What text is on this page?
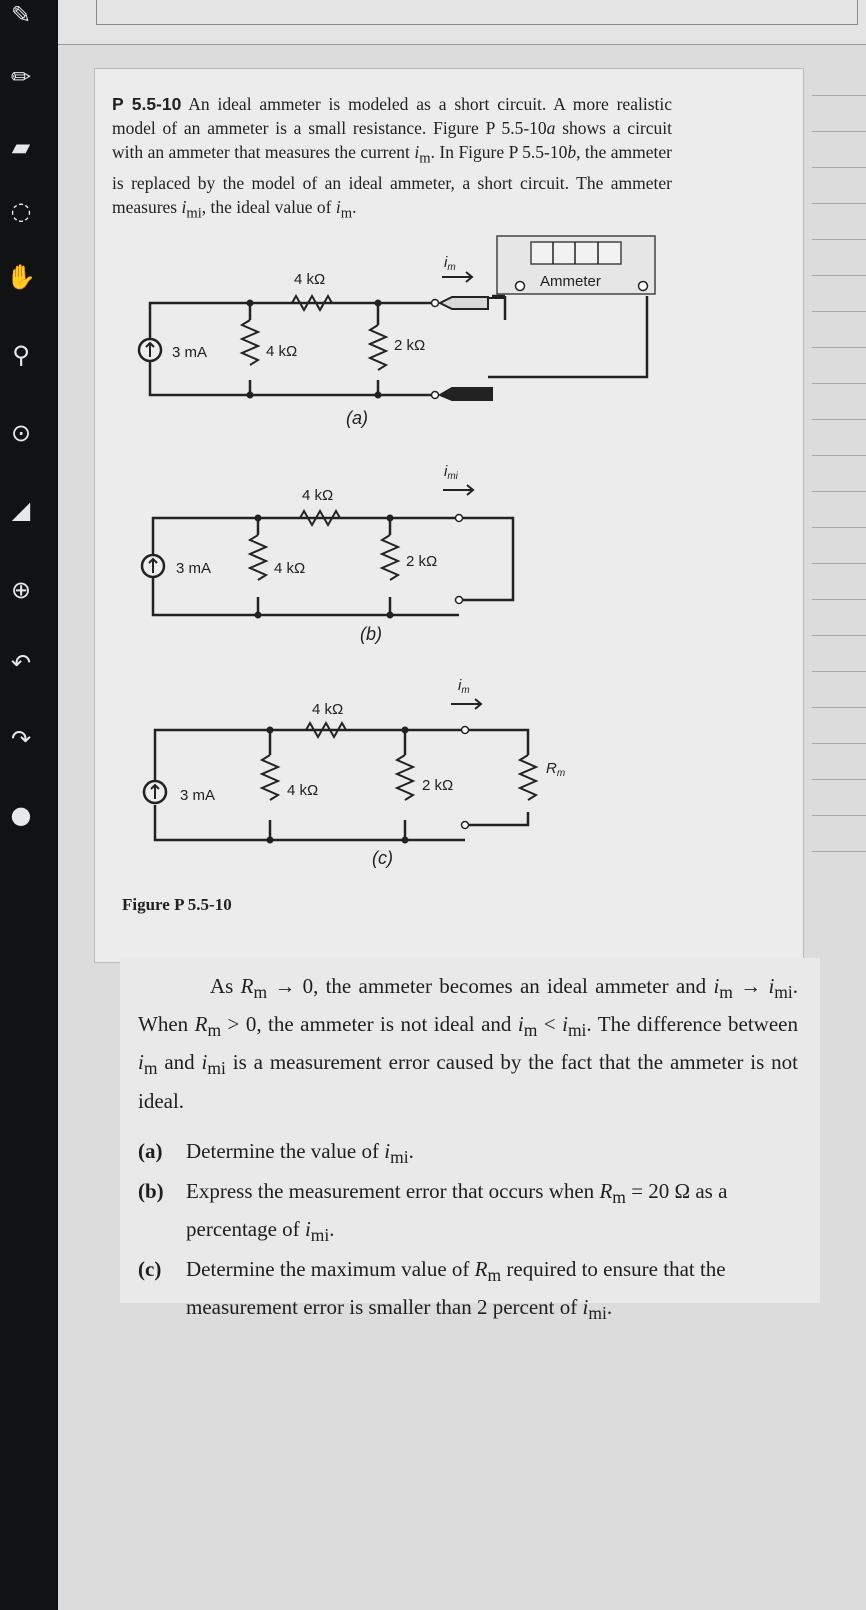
✎
✏
▰
◌
✋
⚲
⊙
◢
⊕
↶
↷
●
P 5.5-10 An ideal ammeter is modeled as a short circuit. A more realistic model of an ammeter is a small resistance. Figure P 5.5-10a shows a circuit with an ammeter that measures the current $i_m$. In Figure P 5.5-10b, the ammeter is replaced by the model of an ideal ammeter, a short circuit. The ammeter measures $i_{mi}$, the ideal value of $i_m$.
3 mA	4 kΩ
4 kΩ
2 kΩ
$i_m$
Ammeter
(a)
3 mA	4 kΩ
4 kΩ
2 kΩ
$i_{mi}$
(b)
3 mA	4 kΩ
4 kΩ
2 kΩ
$R_m$
$i_m$
(c)
Figure P 5.5-10

As $R_m \to 0$, the ammeter becomes an ideal ammeter and $i_m \to i_{mi}$. When $R_m > 0$, the ammeter is not ideal and $i_m < i_{mi}$. The difference between $i_m$ and $i_{mi}$ is a measurement error caused by the fact that the ammeter is not ideal.

(a) Determine the value of $i_{mi}$.
(b) Express the measurement error that occurs when $R_m = 20$ Ω as a percentage of $i_{mi}$.
(c) Determine the maximum value of $R_m$ required to ensure that the measurement error is smaller than 2 percent of $i_{mi}$.
